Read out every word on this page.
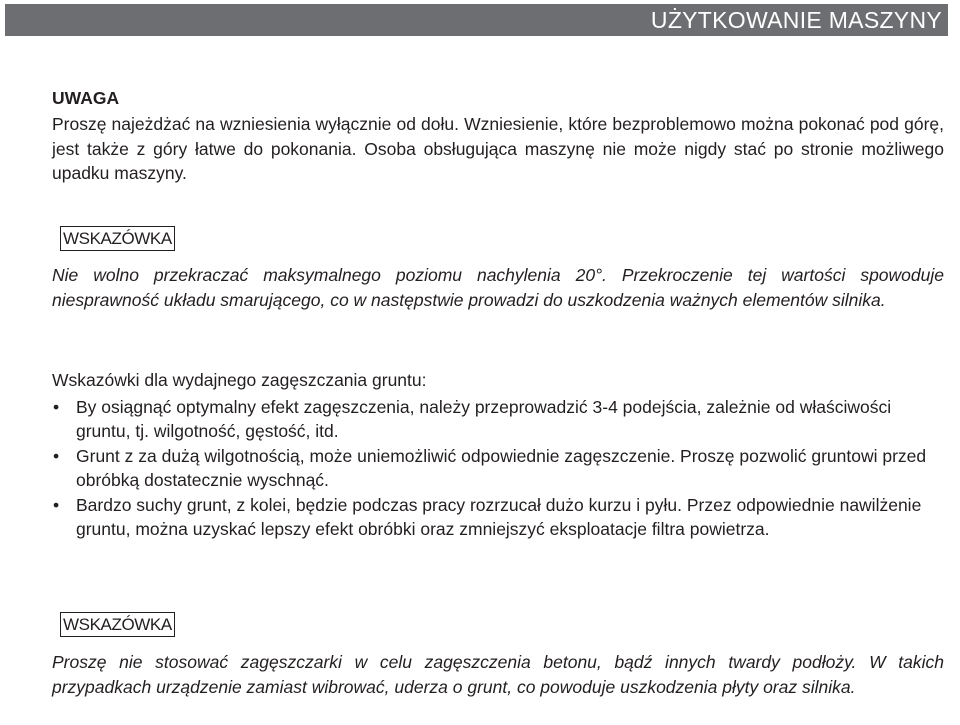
UŻYTKOWANIE MASZYNY
UWAGA

Proszę najeżdżać na wzniesienia wyłącznie od dołu. Wzniesienie, które bezproblemowo można pokonać pod górę, jest także z góry łatwe do pokonania. Osoba obsługująca maszynę nie może nigdy stać po stronie możliwego upadku maszyny.

WSKAZÓWKA

Nie wolno przekraczać maksymalnego poziomu nachylenia 20°. Przekroczenie tej wartości spowoduje niesprawność układu smarującego, co w następstwie prowadzi do uszkodzenia ważnych elementów silnika.

Wskazówki dla wydajnego zagęszczania gruntu:

• By osiągnąć optymalny efekt zagęszczenia, należy przeprowadzić 3-4 podejścia, zależnie od właściwości gruntu, tj. wilgotność, gęstość, itd.
• Grunt z za dużą wilgotnością, może uniemożliwić odpowiednie zagęszczenie. Proszę pozwolić gruntowi przed obróbką dostatecznie wyschnąć.
• Bardzo suchy grunt, z kolei, będzie podczas pracy rozrzucał dużo kurzu i pyłu. Przez odpowiednie nawilżenie gruntu, można uzyskać lepszy efekt obróbki oraz zmniejszyć eksploatacje filtra powietrza.
WSKAZÓWKA

Proszę nie stosować zagęszczarki w celu zagęszczenia betonu, bądź innych twardy podłoży. W takich przypadkach urządzenie zamiast wibrować, uderza o grunt, co powoduje uszkodzenia płyty oraz silnika.
